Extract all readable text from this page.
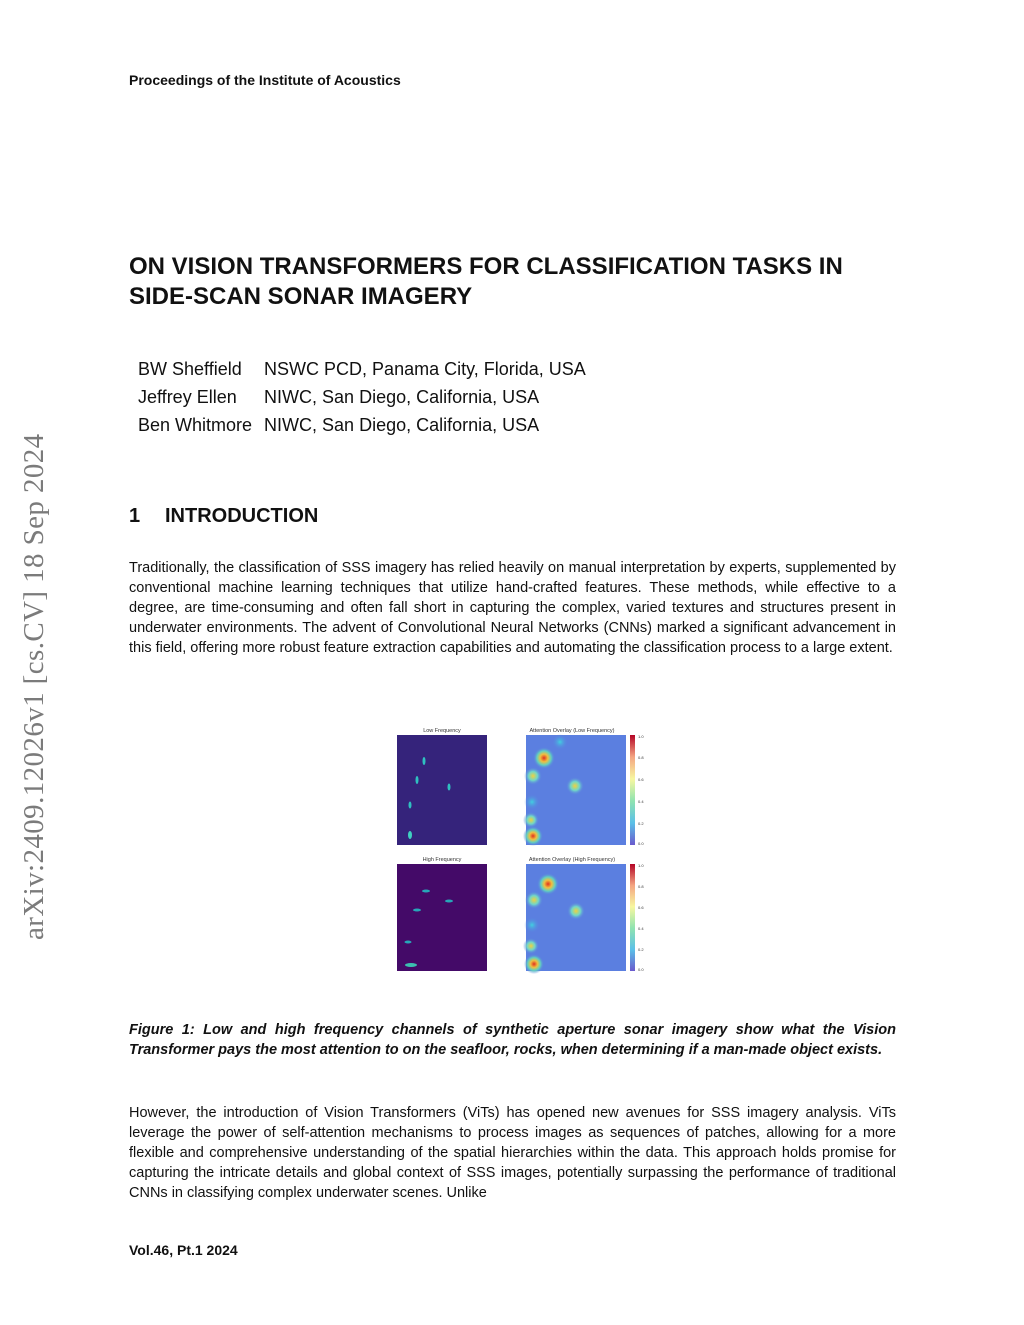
Proceedings of the Institute of Acoustics
arXiv:2409.12026v1 [cs.CV] 18 Sep 2024
ON VISION TRANSFORMERS FOR CLASSIFICATION TASKS IN SIDE-SCAN SONAR IMAGERY
BW Sheffield	NSWC PCD, Panama City, Florida, USA
Jeffrey Ellen	NIWC, San Diego, California, USA
Ben Whitmore	NIWC, San Diego, California, USA
1 INTRODUCTION
Traditionally, the classification of SSS imagery has relied heavily on manual interpretation by experts, supplemented by conventional machine learning techniques that utilize hand-crafted features. These methods, while effective to a degree, are time-consuming and often fall short in capturing the complex, varied textures and structures present in underwater environments. The advent of Convolutional Neural Networks (CNNs) marked a significant advancement in this field, offering more robust feature extraction capabilities and automating the classification process to a large extent.
Low Frequency	Attention Overlay (Low Frequency)
1.0
0.8
0.6
0.4
0.2
0.0
High Frequency	Attention Overlay (High Frequency)
1.0
0.8
0.6
0.4
0.2
0.0
Figure 1: Low and high frequency channels of synthetic aperture sonar imagery show what the Vision Transformer pays the most attention to on the seafloor, rocks, when determining if a man-made object exists.
However, the introduction of Vision Transformers (ViTs) has opened new avenues for SSS imagery analysis. ViTs leverage the power of self-attention mechanisms to process images as sequences of patches, allowing for a more flexible and comprehensive understanding of the spatial hierarchies within the data. This approach holds promise for capturing the intricate details and global context of SSS images, potentially surpassing the performance of traditional CNNs in classifying complex underwater scenes. Unlike
Vol.46, Pt.1 2024
